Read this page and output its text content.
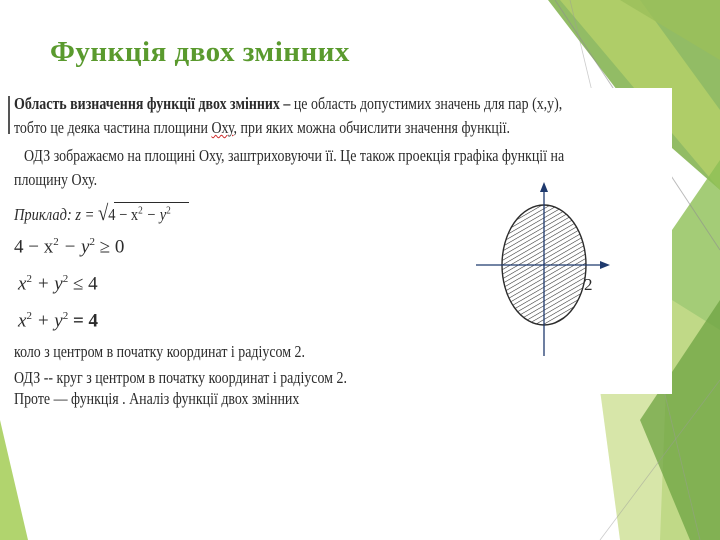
Функція двох змінних
Область визначення функції двох змінних – це область допустимих значень для пар (x,y),
тобто це деяка частина площини Оху, при яких можна обчислити значення функції.
ОДЗ зображаємо на площині Оху, заштриховуючи її. Це також проекція графіка функції на
площину Оху.
Приклад: $z = √4 - x^2 - y^2$
$4 - x^2 - y^2 \ge 0$
$x^2 + y^2 \le 4$
$x^2 + y^2 = 4$
коло з центром в початку координат і радіусом 2.
ОДЗ -- круг з центром в початку координат і радіусом 2.
Проте — функція . Аналіз функції двох змінних
2
